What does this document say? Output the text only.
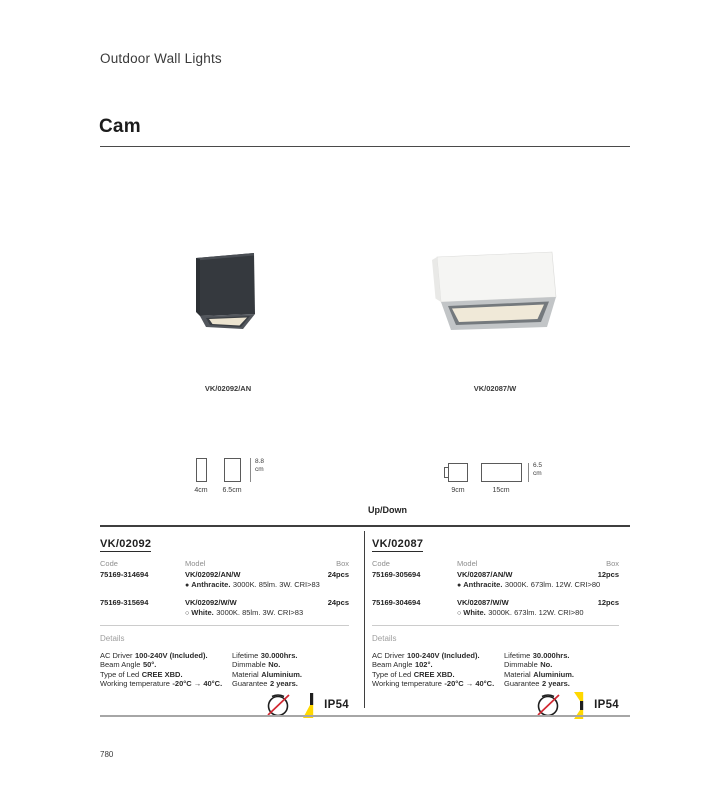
Outdoor Wall Lights
Cam
VK/02092/AN	VK/02087/W
8.8
cm
4cm	6.5cm
6.5
cm
9cm	15cm
Up/Down
VK/02092
Code	Model	Box
75169-314694	VK/02092/AN/W	24pcs
● Anthracite. 3000K. 85lm. 3W. CRI>83
75169-315694	VK/02092/W/W	24pcs
○ White. 3000K. 85lm. 3W. CRI>83
Details
AC Driver 100-240V (Included).
Beam Angle 50°.
Type of Led CREE XBD.
Working temperature -20°C → 40°C.
Lifetime 30.000hrs.
Dimmable No.
Material Aluminium.
Guarantee 2 years.
IP54
VK/02087
Code	Model	Box
75169-305694	VK/02087/AN/W	12pcs
● Anthracite. 3000K. 673lm. 12W. CRI>80
75169-304694	VK/02087/W/W	12pcs
○ White. 3000K. 673lm. 12W. CRI>80
Details
AC Driver 100-240V (Included).
Beam Angle 102°.
Type of Led CREE XBD.
Working temperature -20°C → 40°C.
Lifetime 30.000hrs.
Dimmable No.
Material Aluminium.
Guarantee 2 years.
IP54
780
